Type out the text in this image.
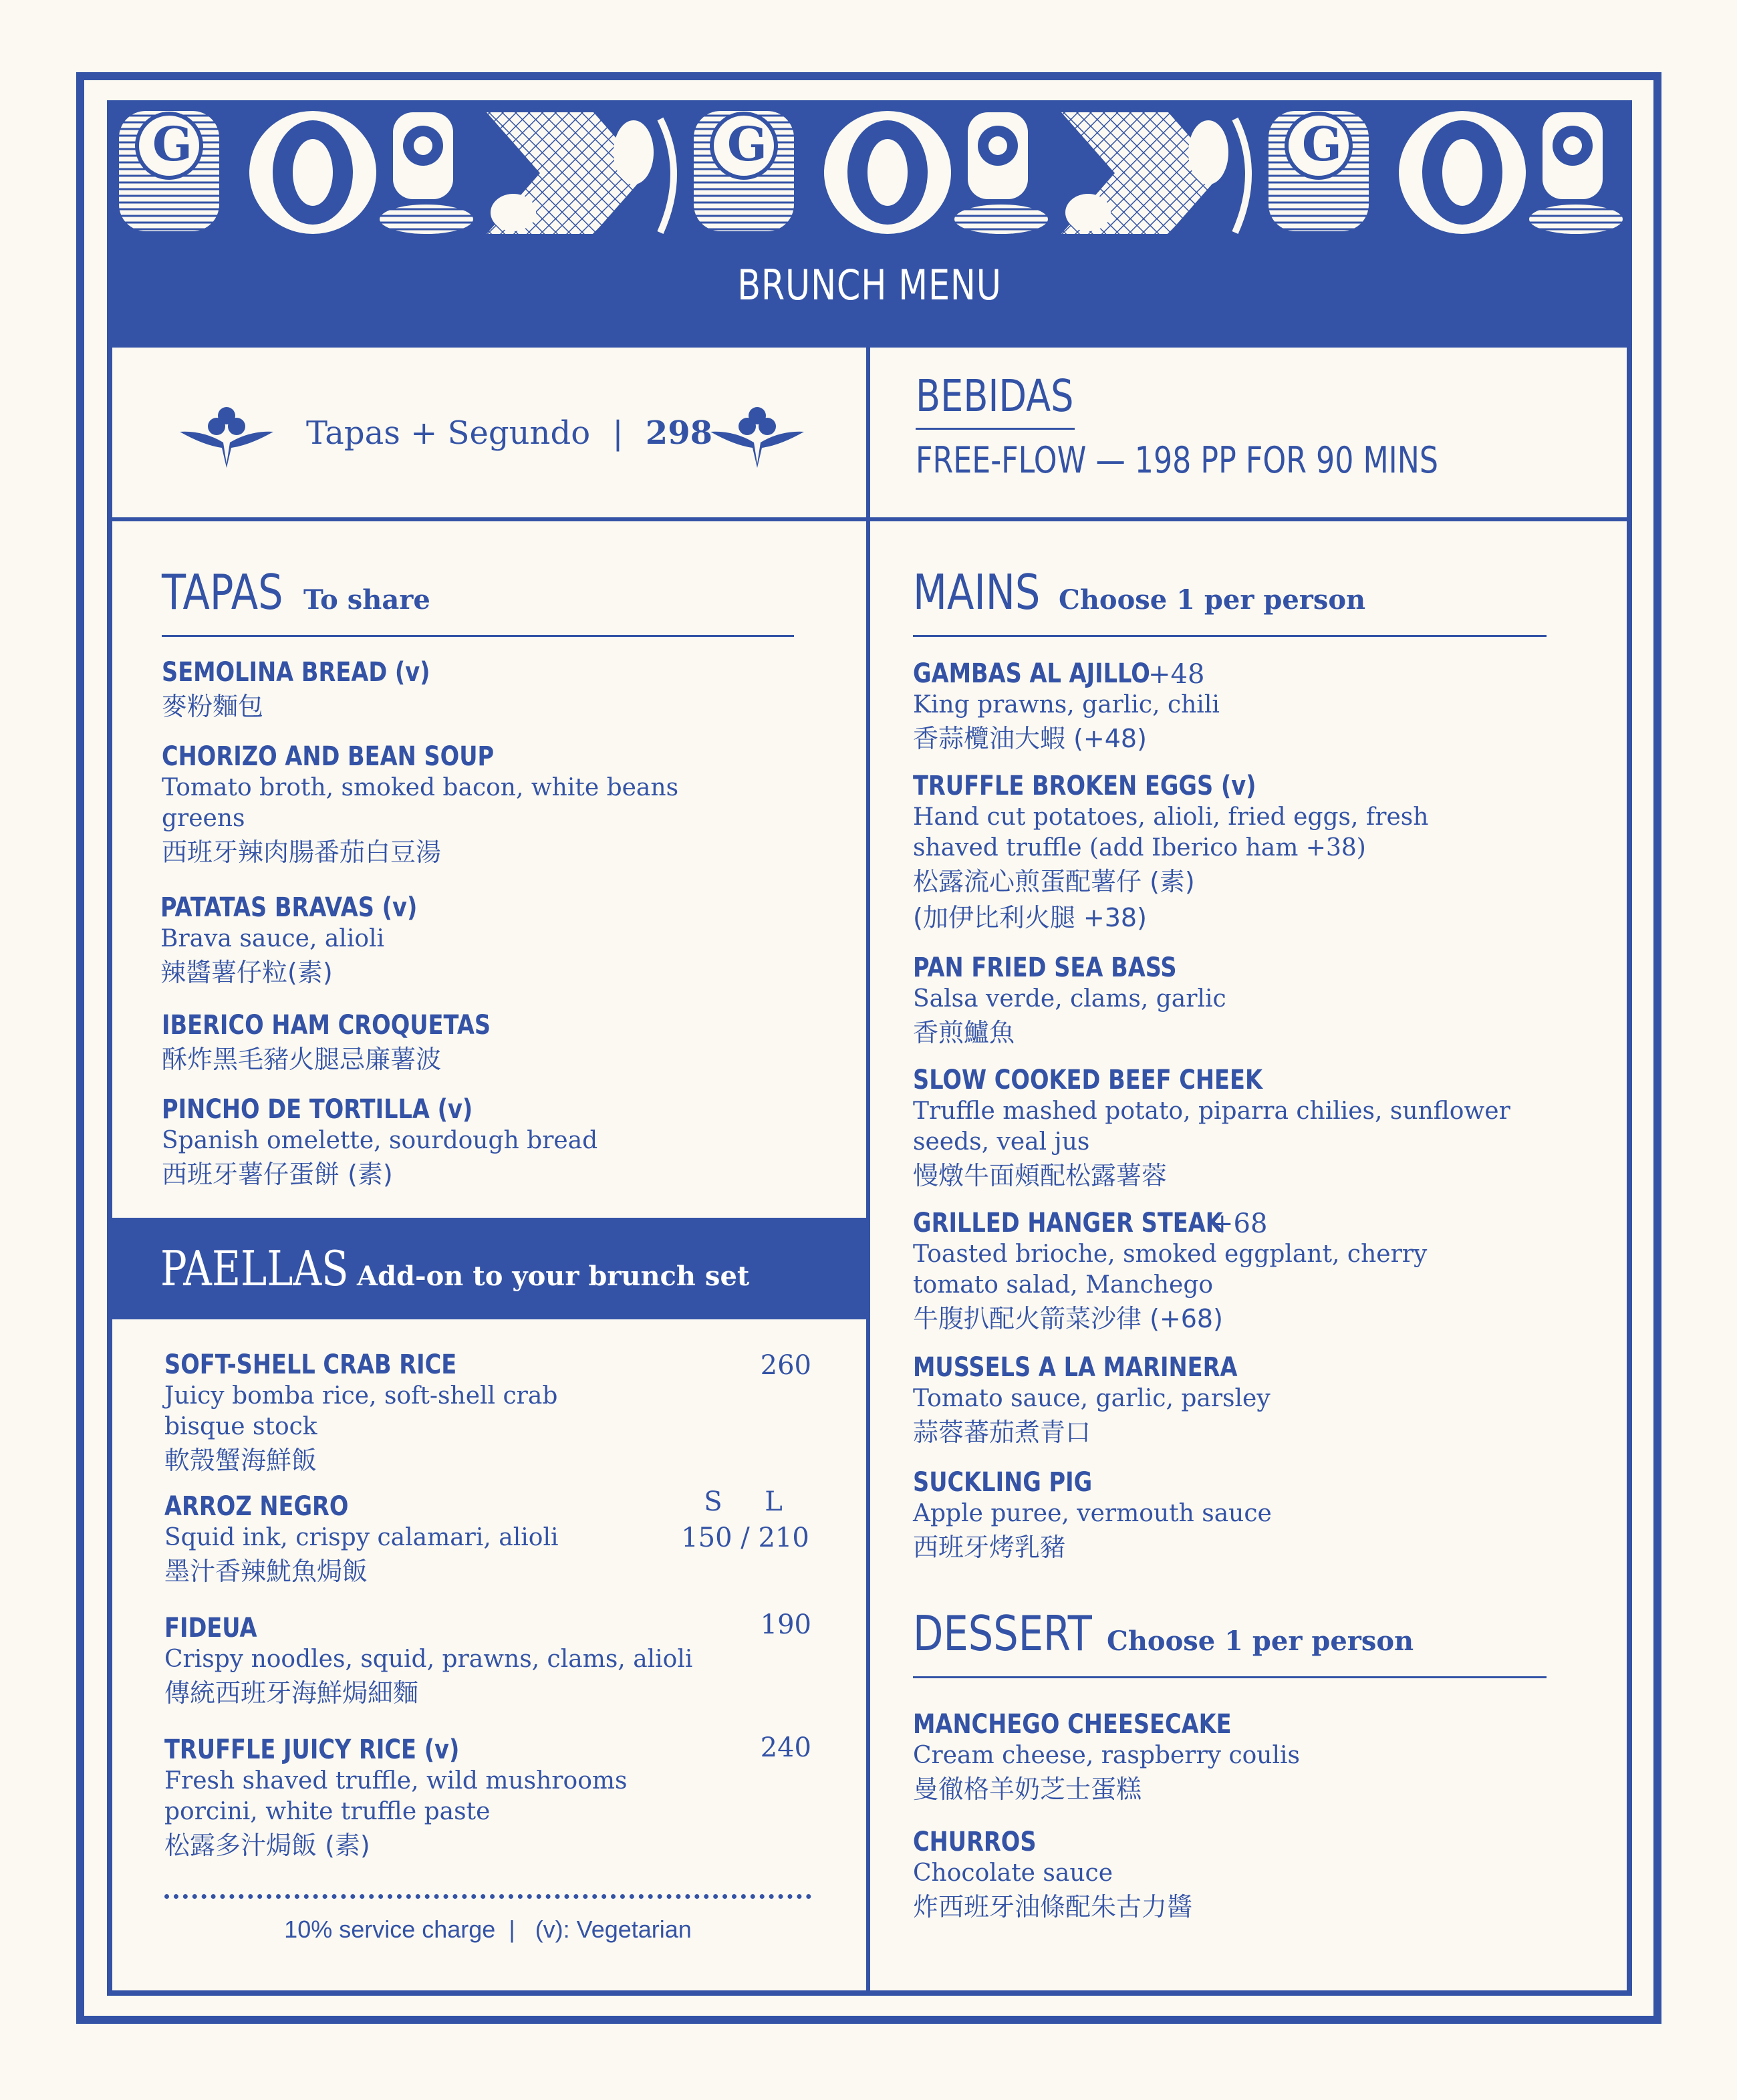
BRUNCH MENU
Tapas + Segundo | 298
BEBIDAS
FREE-FLOW — 198 PP FOR 90 MINS
TAPAS To share
SEMOLINA BREAD (v)
麥粉麵包
CHORIZO AND BEAN SOUP
Tomato broth, smoked bacon, white beans
greens
西班牙辣肉腸番茄白豆湯
PATATAS BRAVAS (v)
Brava sauce, alioli
辣醬薯仔粒(素)
IBERICO HAM CROQUETAS
酥炸黑毛豬火腿忌廉薯波
PINCHO DE TORTILLA (v)
Spanish omelette, sourdough bread
西班牙薯仔蛋餅 (素)
PAELLAS Add-on to your brunch set
SOFT-SHELL CRAB RICE
Juicy bomba rice, soft-shell crab
bisque stock
軟殼蟹海鮮飯
260
ARROZ NEGRO
Squid ink, crispy calamari, alioli
墨汁香辣魷魚焗飯
S     L
150 / 210
FIDEUA
Crispy noodles, squid, prawns, clams, alioli
傳統西班牙海鮮焗細麵
190
TRUFFLE JUICY RICE (v)
Fresh shaved truffle, wild mushrooms
porcini, white truffle paste
松露多汁焗飯 (素)
240
10% service charge  |   (v): Vegetarian
MAINS Choose 1 per person
GAMBAS AL AJILLO
King prawns, garlic, chili
香蒜欖油大蝦 (+48)
+48
TRUFFLE BROKEN EGGS (v)
Hand cut potatoes, alioli, fried eggs, fresh
shaved truffle (add Iberico ham +38)
松露流心煎蛋配薯仔 (素)
(加伊比利火腿 +38)
PAN FRIED SEA BASS
Salsa verde, clams, garlic
香煎鱸魚
SLOW COOKED BEEF CHEEK
Truffle mashed potato, piparra chilies, sunflower
seeds, veal jus
慢燉牛面頰配松露薯蓉
GRILLED HANGER STEAK
Toasted brioche, smoked eggplant, cherry
tomato salad, Manchego
牛腹扒配火箭菜沙律 (+68)
+68
MUSSELS A LA MARINERA
Tomato sauce, garlic, parsley
蒜蓉蕃茄煮青口
SUCKLING PIG
Apple puree, vermouth sauce
西班牙烤乳豬
DESSERT Choose 1 per person
MANCHEGO CHEESECAKE
Cream cheese, raspberry coulis
曼徹格羊奶芝士蛋糕
CHURROS
Chocolate sauce
炸西班牙油條配朱古力醬
